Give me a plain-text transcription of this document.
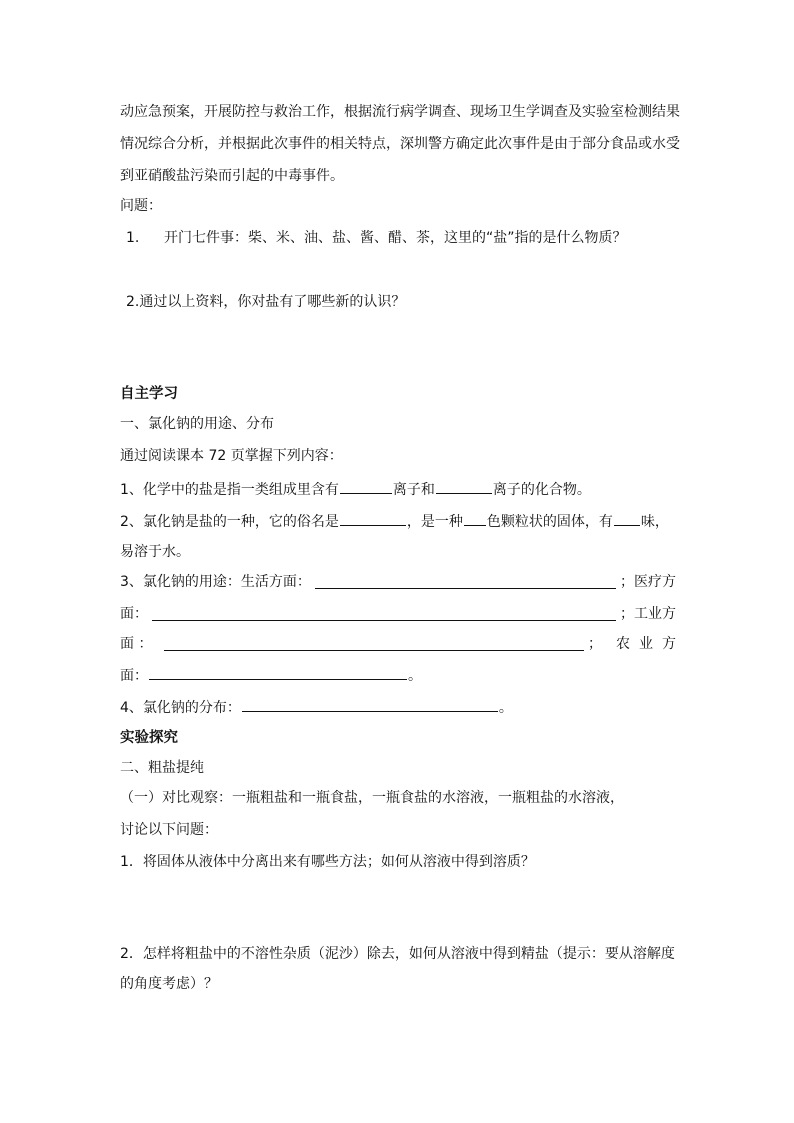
动应急预案，开展防控与救治工作，根据流行病学调查、现场卫生学调查及实验室检测结果
情况综合分析，并根据此次事件的相关特点，深圳警方确定此次事件是由于部分食品或水受
到亚硝酸盐污染而引起的中毒事件。
问题：
1. 开门七件事：柴、米、油、盐、酱、醋、茶，这里的“盐”指的是什么物质？
2.通过以上资料，你对盐有了哪些新的认识？
自主学习
一、氯化钠的用途、分布
通过阅读课本 72 页掌握下列内容：
1、化学中的盐是指一类组成里含有	离子和	离子的化合物。
2、氯化钠是盐的一种，它的俗名是	，是一种 色颗粒状的固体，有 味，
易溶于水。
3、氯化钠的用途：生活方面：	；医疗方
面：	；工业方
面 ：	； 农 业 方
面：	。
4、氯化钠的分布：	。
实验探究
二、粗盐提纯
（一）对比观察：一瓶粗盐和一瓶食盐，一瓶食盐的水溶液，一瓶粗盐的水溶液，
讨论以下问题：
1．将固体从液体中分离出来有哪些方法；如何从溶液中得到溶质？
2．怎样将粗盐中的不溶性杂质（泥沙）除去，如何从溶液中得到精盐（提示：要从溶解度
的角度考虑）？
